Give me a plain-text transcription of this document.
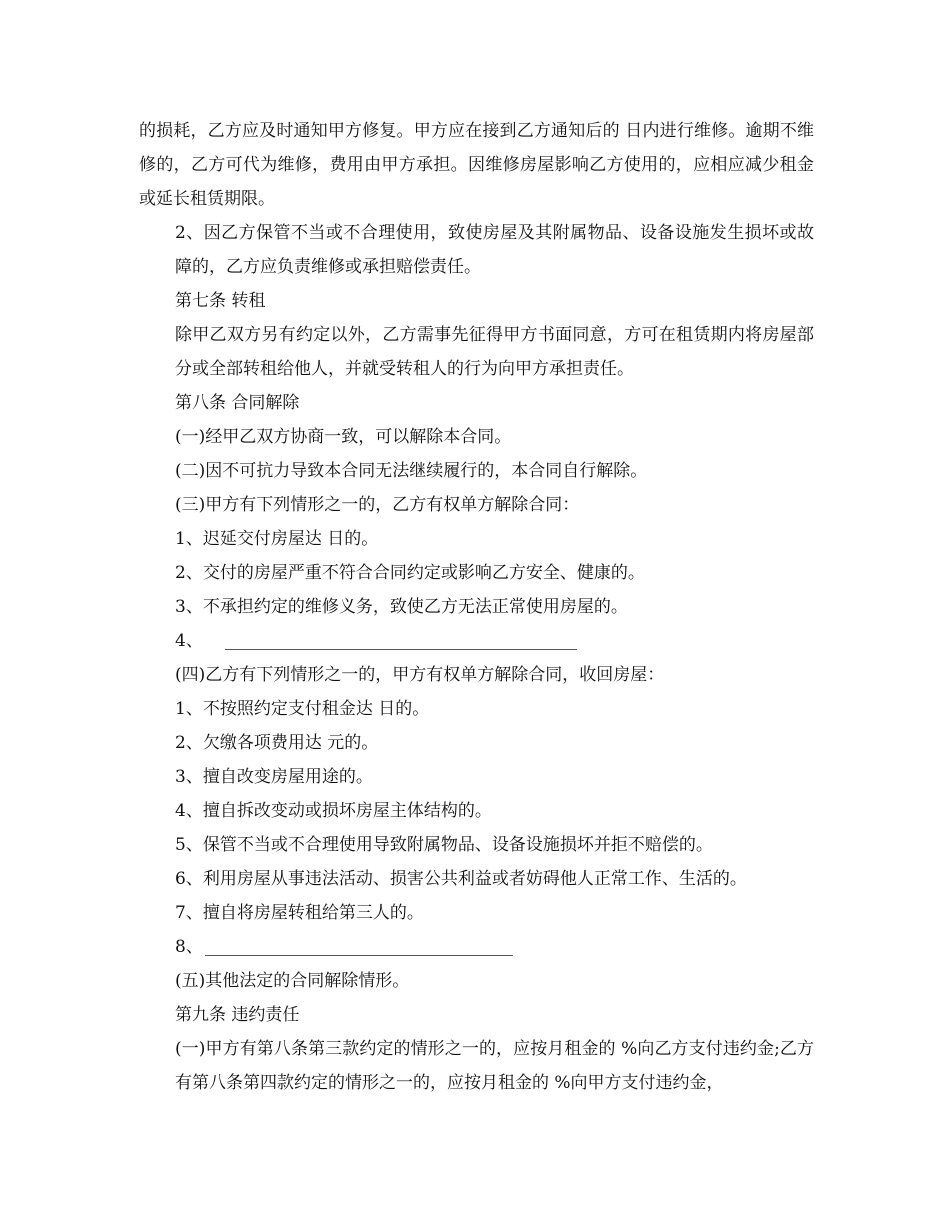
的损耗，乙方应及时通知甲方修复。甲方应在接到乙方通知后的 日内进行维修。逾期不维修的，乙方可代为维修，费用由甲方承担。因维修房屋影响乙方使用的，应相应减少租金或延长租赁期限。

2、因乙方保管不当或不合理使用，致使房屋及其附属物品、设备设施发生损坏或故障的，乙方应负责维修或承担赔偿责任。

第七条 转租

除甲乙双方另有约定以外，乙方需事先征得甲方书面同意，方可在租赁期内将房屋部分或全部转租给他人，并就受转租人的行为向甲方承担责任。

第八条 合同解除

(一)经甲乙双方协商一致，可以解除本合同。

(二)因不可抗力导致本合同无法继续履行的，本合同自行解除。

(三)甲方有下列情形之一的，乙方有权单方解除合同：

1、迟延交付房屋达 日的。

2、交付的房屋严重不符合合同约定或影响乙方安全、健康的。

3、不承担约定的维修义务，致使乙方无法正常使用房屋的。

4、

(四)乙方有下列情形之一的，甲方有权单方解除合同，收回房屋：

1、不按照约定支付租金达 日的。

2、欠缴各项费用达 元的。

3、擅自改变房屋用途的。

4、擅自拆改变动或损坏房屋主体结构的。

5、保管不当或不合理使用导致附属物品、设备设施损坏并拒不赔偿的。

6、利用房屋从事违法活动、损害公共利益或者妨碍他人正常工作、生活的。

7、擅自将房屋转租给第三人的。

8、

(五)其他法定的合同解除情形。

第九条 违约责任

(一)甲方有第八条第三款约定的情形之一的，应按月租金的 %向乙方支付违约金;乙方有第八条第四款约定的情形之一的，应按月租金的 %向甲方支付违约金，
